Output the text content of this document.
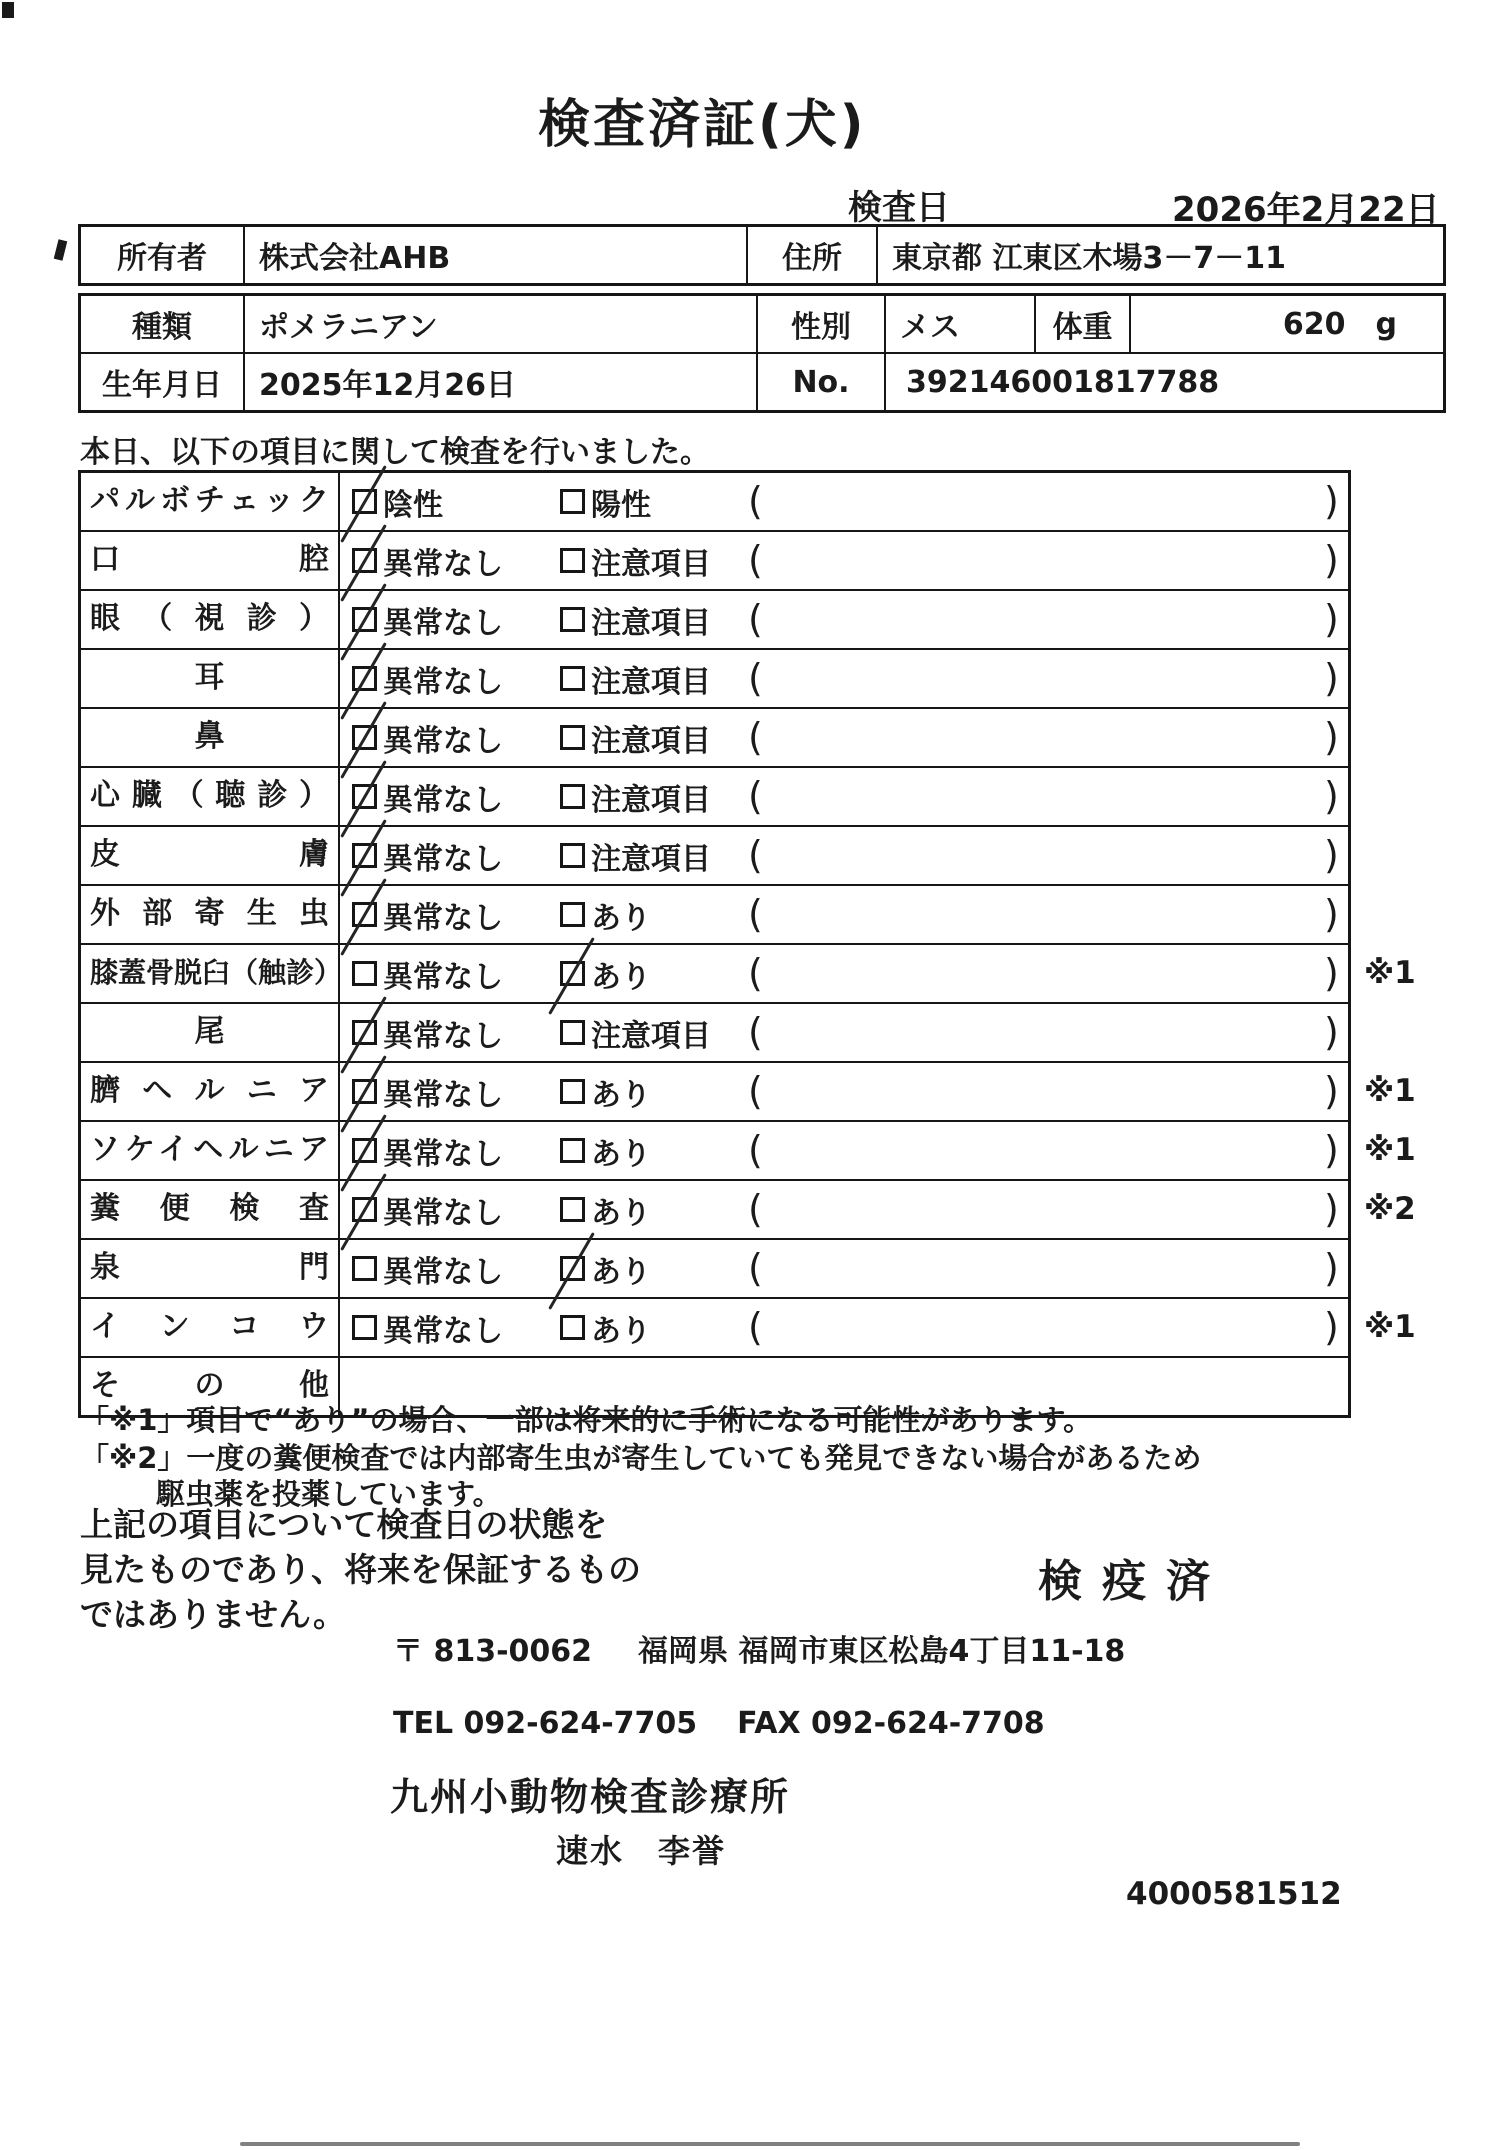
検査済証(犬)
検査日	2026年2月22日
所有者	株式会社AHB	住所	東京都 江東区木場3－7－11
種類	ポメラニアン	性別	メス	体重	620 g
生年月日	2025年12月26日	No.	392146001817788
本日、以下の項目に関して検査を行いました。
パルボチェック	陰性	陽性	(	)
口腔	異常なし	注意項目 (	)
眼（視診）	異常なし	注意項目 (	)
耳	異常なし	注意項目 (	)
鼻	異常なし	注意項目 (	)
心臓（聴診）	異常なし	注意項目 (	)
皮膚	異常なし	注意項目 (	)
外部寄生虫	異常なし	あり	(	)
膝蓋骨脱臼（触診） 異常なし	あり	(	) ※1
尾	異常なし	注意項目 (	)
臍ヘルニア	異常なし	あり	(	) ※1
ソケイヘルニア	異常なし	あり	(	) ※1
糞便検査	異常なし	あり	(	) ※2
泉門	異常なし	あり	(	)
インコウ	異常なし	あり	(	) ※1
その他
「※1」項目で“あり”の場合、一部は将来的に手術になる可能性があります。
「※2」一度の糞便検査では内部寄生虫が寄生していても発見できない場合があるため
駆虫薬を投薬しています。
上記の項目について検査日の状態を
見たものであり、将来を保証するもの
ではありません。
検疫済
〒 813-0062 福岡県 福岡市東区松島4丁目11-18
TEL 092-624-7705 FAX 092-624-7708
九州小動物検査診療所
速水　李誉
4000581512
